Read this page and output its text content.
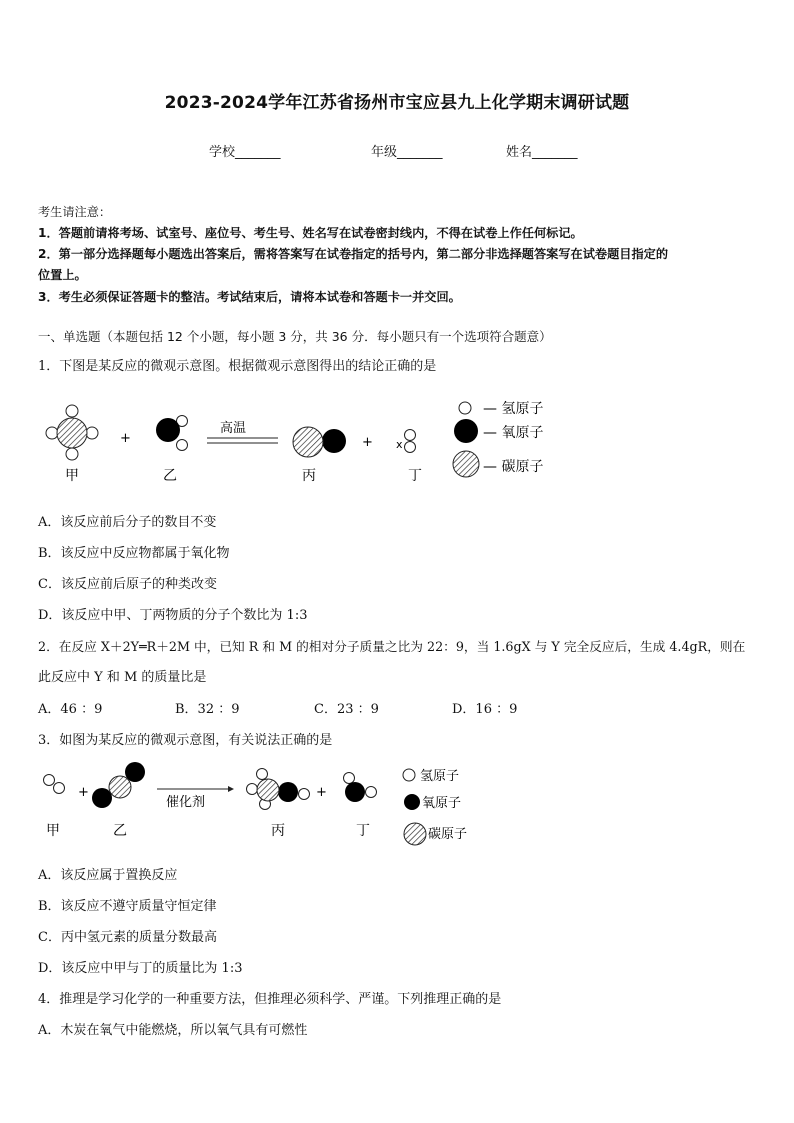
2023-2024学年江苏省扬州市宝应县九上化学期末调研试题
学校_______	年级_______	姓名_______
考生请注意：
1．答题前请将考场、试室号、座位号、考生号、姓名写在试卷密封线内，不得在试卷上作任何标记。
2．第一部分选择题每小题选出答案后，需将答案写在试卷指定的括号内，第二部分非选择题答案写在试卷题目指定的
位置上。
3．考生必须保证答题卡的整洁。考试结束后，请将本试卷和答题卡一并交回。
一、单选题（本题包括 12 个小题，每小题 3 分，共 36 分．每小题只有一个选项符合题意）
1．下图是某反应的微观示意图。根据微观示意图得出的结论正确的是
甲
+
乙
高温
丙
+ x
丁
— 氢原子
— 氧原子
— 碳原子
A．该反应前后分子的数目不变
B．该反应中反应物都属于氧化物
C．该反应前后原子的种类改变
D．该反应中甲、丁两物质的分子个数比为 1:3
2．在反应 X＋2Y═R＋2M 中，已知 R 和 M 的相对分子质量之比为 22：9，当 1.6gX 与 Y 完全反应后，生成 4.4gR，则在
此反应中 Y 和 M 的质量比是
A．46 ：9	B．32 ：9	C．23 ：9	D．16 ：9
3．如图为某反应的微观示意图，有关说法正确的是
甲
+
乙
催化剂
丙
+
丁
氢原子
氧原子
碳原子
A．该反应属于置换反应
B．该反应不遵守质量守恒定律
C．丙中氢元素的质量分数最高
D．该反应中甲与丁的质量比为 1:3
4．推理是学习化学的一种重要方法，但推理必须科学、严谨。下列推理正确的是
A．木炭在氧气中能燃烧，所以氧气具有可燃性
